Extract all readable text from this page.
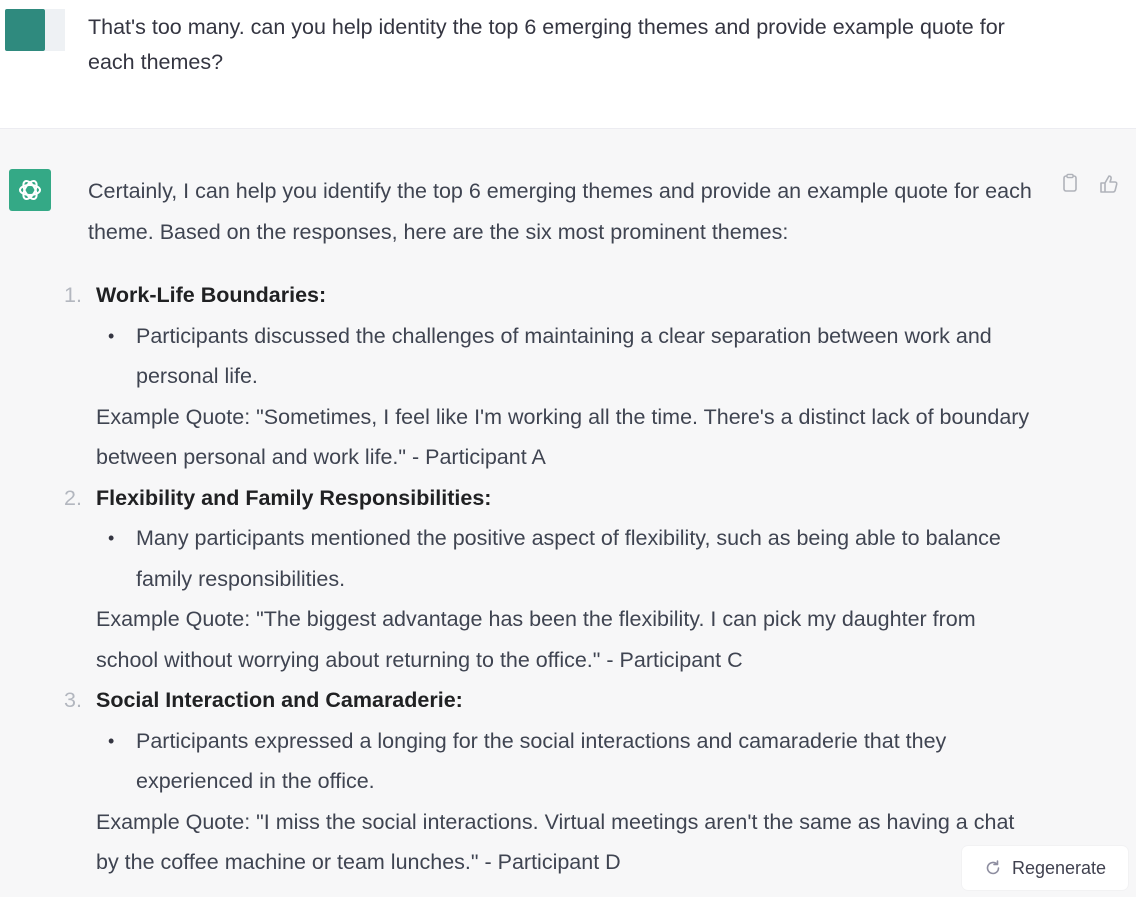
That's too many. can you help identity the top 6 emerging themes and provide example quote for each themes?

Certainly, I can help you identify the top 6 emerging themes and provide an example quote for each theme. Based on the responses, here are the six most prominent themes:

1. Work-Life Boundaries:
• Participants discussed the challenges of maintaining a clear separation between work and personal life.
Example Quote: "Sometimes, I feel like I'm working all the time. There's a distinct lack of boundary between personal and work life." - Participant A
2. Flexibility and Family Responsibilities:
• Many participants mentioned the positive aspect of flexibility, such as being able to balance family responsibilities.
Example Quote: "The biggest advantage has been the flexibility. I can pick my daughter from school without worrying about returning to the office." - Participant C
3. Social Interaction and Camaraderie:
• Participants expressed a longing for the social interactions and camaraderie that they experienced in the office.
Example Quote: "I miss the social interactions. Virtual meetings aren't the same as having a chat by the coffee machine or team lunches." - Participant D	Regenerate
